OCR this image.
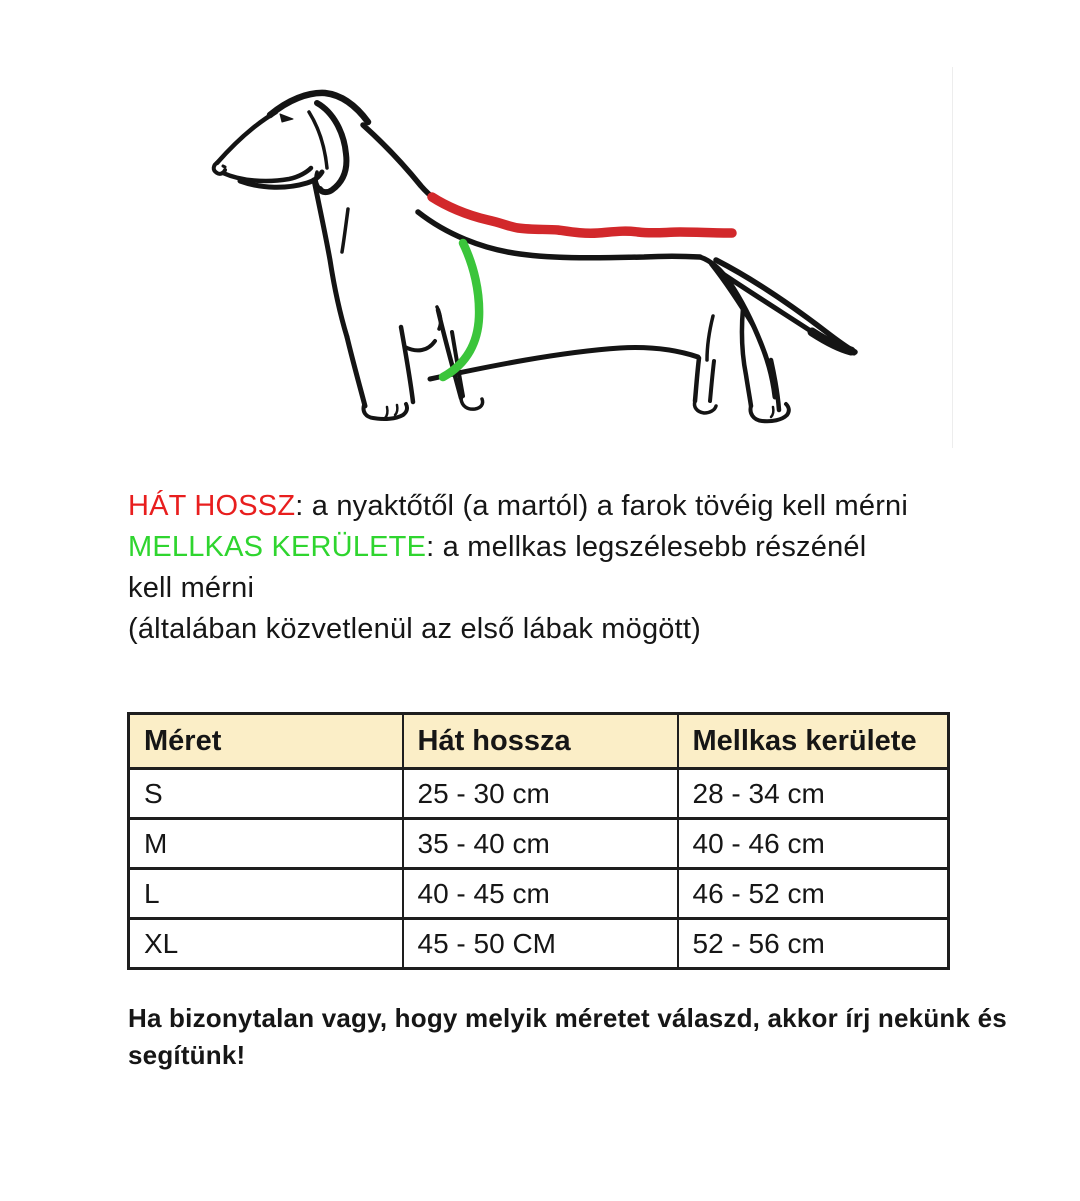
HÁT HOSSZ: a nyaktőtől (a martól) a farok tövéig kell mérni
MELLKAS KERÜLETE: a mellkas legszélesebb részénél
kell mérni
(általában közvetlenül az első lábak mögött)
Méret	Hát hossza	Mellkas kerülete
S	25 - 30 cm	28 - 34 cm
M	35 - 40 cm	40 - 46 cm
L	40 - 45 cm	46 - 52 cm
XL	45 - 50 CM	52 - 56 cm
Ha bizonytalan vagy, hogy melyik méretet válaszd, akkor írj nekünk és
segítünk!
